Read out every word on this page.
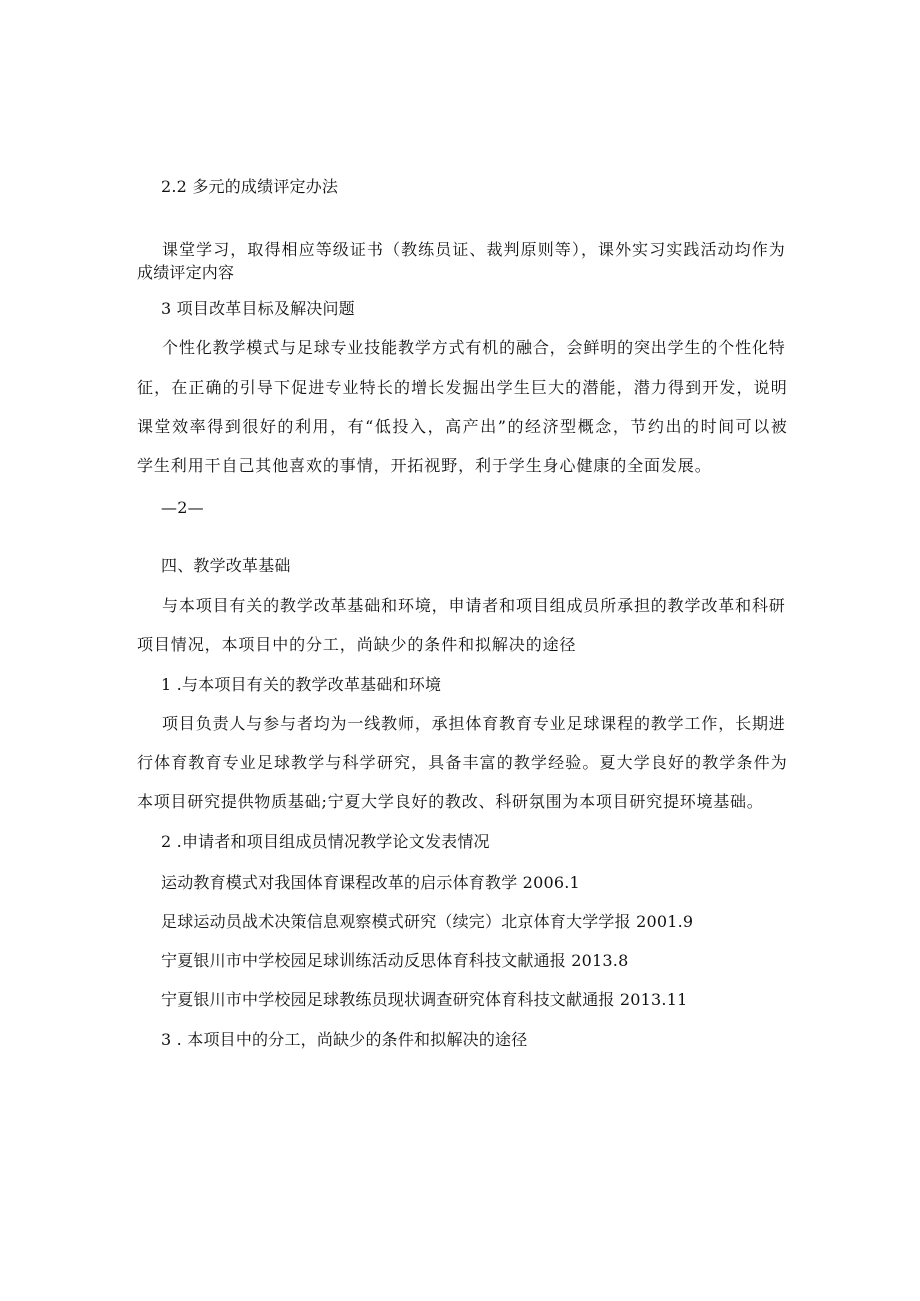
2.2 多元的成绩评定办法
课堂学习，取得相应等级证书（教练员证、裁判原则等），课外实习实践活动均作为
成绩评定内容
3 项目改革目标及解决问题
个性化教学模式与足球专业技能教学方式有机的融合，会鲜明的突出学生的个性化特
征，在正确的引导下促进专业特长的增长发掘出学生巨大的潜能，潜力得到开发，说明
课堂效率得到很好的利用，有“低投入，高产出”的经济型概念，节约出的时间可以被
学生利用干自己其他喜欢的事情，开拓视野，利于学生身心健康的全面发展。
—2—
四、教学改革基础
与本项目有关的教学改革基础和环境，申请者和项目组成员所承担的教学改革和科研
项目情况，本项目中的分工，尚缺少的条件和拟解决的途径
1 .与本项目有关的教学改革基础和环境
项目负责人与参与者均为一线教师，承担体育教育专业足球课程的教学工作，长期进
行体育教育专业足球教学与科学研究，具备丰富的教学经验。夏大学良好的教学条件为
本项目研究提供物质基础;宁夏大学良好的教改、科研氛围为本项目研究提环境基础。
2 .申请者和项目组成员情况教学论文发表情况
运动教育模式对我国体育课程改革的启示体育教学 2006.1
足球运动员战术决策信息观察模式研究（续完）北京体育大学学报 2001.9
宁夏银川市中学校园足球训练活动反思体育科技文献通报 2013.8
宁夏银川市中学校园足球教练员现状调查研究体育科技文献通报 2013.11
3 . 本项目中的分工，尚缺少的条件和拟解决的途径
